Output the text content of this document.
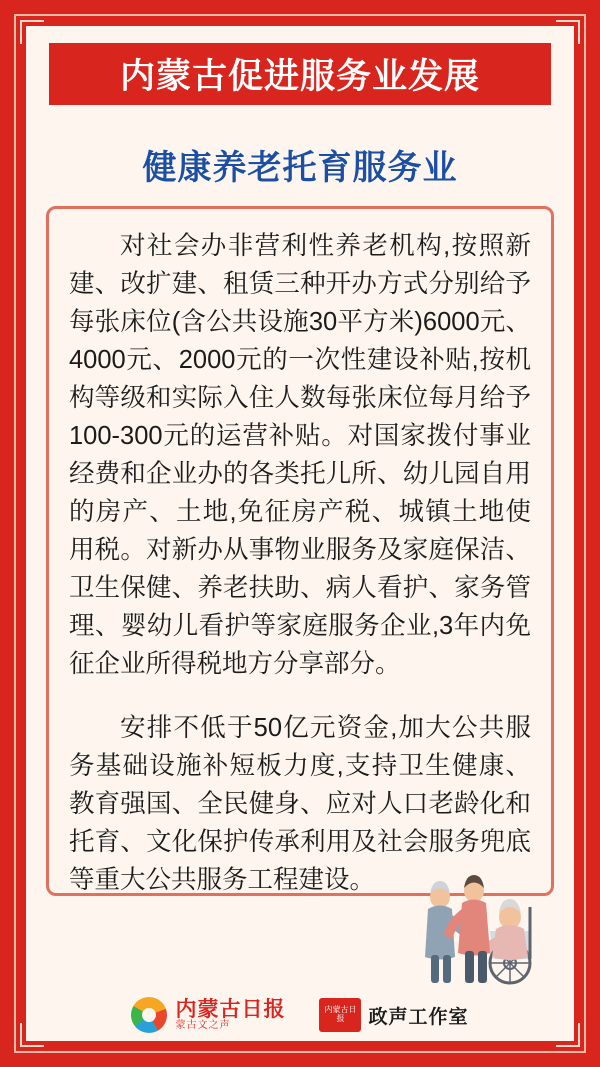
内蒙古促进服务业发展
健康养老托育服务业

对社会办非营利性养老机构,按照新建、改扩建、租赁三种开办方式分别给予每张床位(含公共设施30平方米)6000元、4000元、2000元的一次性建设补贴,按机构等级和实际入住人数每张床位每月给予100-300元的运营补贴。对国家拨付事业经费和企业办的各类托儿所、幼儿园自用的房产、土地,免征房产税、城镇土地使用税。对新办从事物业服务及家庭保洁、卫生保健、养老扶助、病人看护、家务管理、婴幼儿看护等家庭服务企业,3年内免征企业所得税地方分享部分。

安排不低于50亿元资金,加大公共服务基础设施补短板力度,支持卫生健康、教育强国、全民健身、应对人口老龄化和托育、文化保护传承利用及社会服务兜底等重大公共服务工程建设。

内蒙古日报
蒙古文之声
内蒙古日报	政声工作室
